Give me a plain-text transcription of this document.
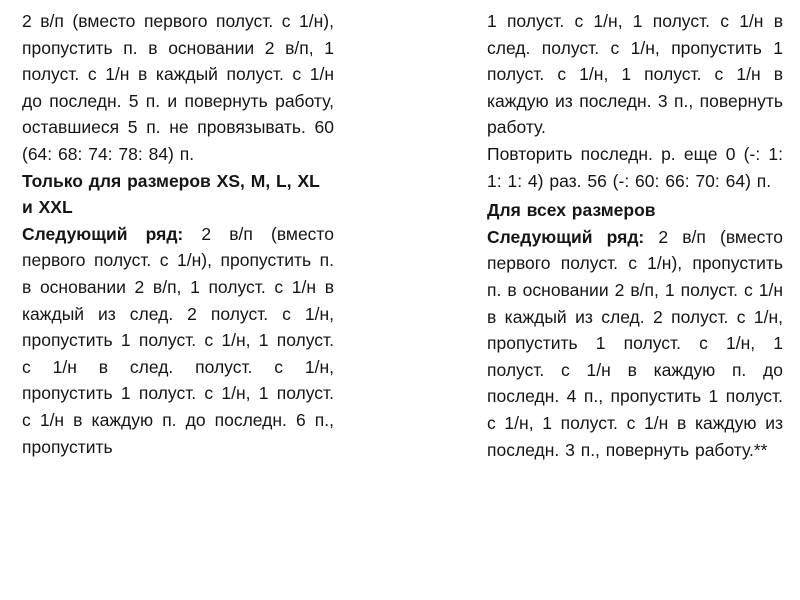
2 в/п (вместо первого полуст. с 1/н), пропустить п. в основании 2 в/п, 1 полуст. с 1/н в каждый полуст. с 1/н до последн. 5 п. и повернуть работу, оставшиеся 5 п. не провязывать. 60 (64: 68: 74: 78: 84) п.

Только для размеров XS, M, L, XL и XXL

Следующий ряд: 2 в/п (вместо первого полуст. с 1/н), пропустить п. в основании 2 в/п, 1 полуст. с 1/н в каждый из след. 2 полуст. с 1/н, пропустить 1 полуст. с 1/н, 1 полуст. с 1/н в след. полуст. с 1/н, пропустить 1 полуст. с 1/н, 1 полуст. с 1/н в каждую п. до последн. 6 п., пропустить

1 полуст. с 1/н, 1 полуст. с 1/н в след. полуст. с 1/н, пропустить 1 полуст. с 1/н, 1 полуст. с 1/н в каждую из последн. 3 п., повернуть работу.

Повторить последн. р. еще 0 (-: 1: 1: 1: 4) раз. 56 (-: 60: 66: 70: 64) п.

Для всех размеров

Следующий ряд: 2 в/п (вместо первого полуст. с 1/н), пропустить п. в основании 2 в/п, 1 полуст. с 1/н в каждый из след. 2 полуст. с 1/н, пропустить 1 полуст. с 1/н, 1 полуст. с 1/н в каждую п. до последн. 4 п., пропустить 1 полуст. с 1/н, 1 полуст. с 1/н в каждую из последн. 3 п., повернуть работу.**
